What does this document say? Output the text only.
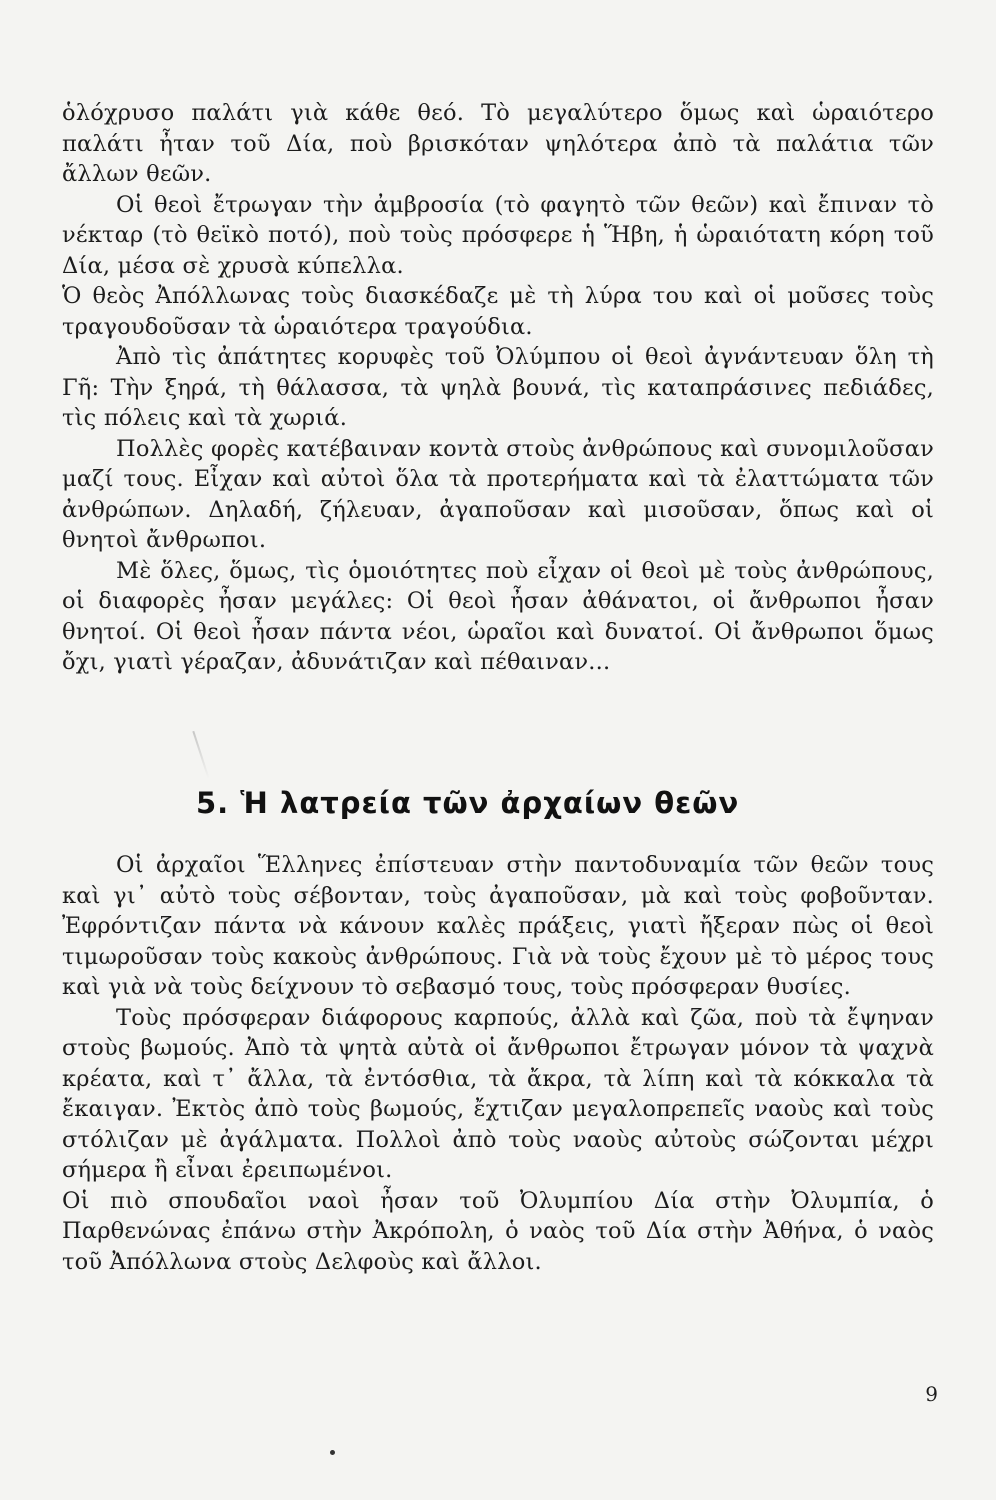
ὁλόχρυσο παλάτι γιὰ κάθε θεό. Τὸ μεγαλύτερο ὅμως καὶ ὡραιότερο παλάτι ἦταν τοῦ Δία, ποὺ βρισκόταν ψηλότερα ἀπὸ τὰ παλάτια τῶν ἄλλων θεῶν.

Οἱ θεοὶ ἔτρωγαν τὴν ἀμβροσία (τὸ φαγητὸ τῶν θεῶν) καὶ ἔπιναν τὸ νέκταρ (τὸ θεϊκὸ ποτό), ποὺ τοὺς πρόσφερε ἡ Ἥβη, ἡ ὡραιότατη κόρη τοῦ Δία, μέσα σὲ χρυσὰ κύπελλα.

Ὁ θεὸς Ἀπόλλωνας τοὺς διασκέδαζε μὲ τὴ λύρα του καὶ οἱ μοῦσες τοὺς τραγουδοῦσαν τὰ ὡραιότερα τραγούδια.

Ἀπὸ τὶς ἀπάτητες κορυφὲς τοῦ Ὀλύμπου οἱ θεοὶ ἀγνάντευαν ὅλη τὴ Γῆ: Τὴν ξηρά, τὴ θάλασσα, τὰ ψηλὰ βουνά, τὶς καταπράσινες πεδιάδες, τὶς πόλεις καὶ τὰ χωριά.

Πολλὲς φορὲς κατέβαιναν κοντὰ στοὺς ἀνθρώπους καὶ συνομιλοῦσαν μαζί τους. Εἶχαν καὶ αὐτοὶ ὅλα τὰ προτερήματα καὶ τὰ ἐλαττώματα τῶν ἀνθρώπων. Δηλαδή, ζήλευαν, ἀγαποῦσαν καὶ μισοῦσαν, ὅπως καὶ οἱ θνητοὶ ἄνθρωποι.

Μὲ ὅλες, ὅμως, τὶς ὁμοιότητες ποὺ εἶχαν οἱ θεοὶ μὲ τοὺς ἀνθρώπους, οἱ διαφορὲς ἦσαν μεγάλες: Οἱ θεοὶ ἦσαν ἀθάνατοι, οἱ ἄνθρωποι ἦσαν θνητοί. Οἱ θεοὶ ἦσαν πάντα νέοι, ὡραῖοι καὶ δυνατοί. Οἱ ἄνθρωποι ὅμως ὄχι, γιατὶ γέραζαν, ἀδυνάτιζαν καὶ πέθαιναν...

5. Ἡ λατρεία τῶν ἀρχαίων θεῶν

Οἱ ἀρχαῖοι Ἕλληνες ἐπίστευαν στὴν παντοδυναμία τῶν θεῶν τους καὶ γι᾽ αὐτὸ τοὺς σέβονταν, τοὺς ἀγαποῦσαν, μὰ καὶ τοὺς φοβοῦνταν. Ἐφρόντιζαν πάντα νὰ κάνουν καλὲς πράξεις, γιατὶ ἤξεραν πὼς οἱ θεοὶ τιμωροῦσαν τοὺς κακοὺς ἀνθρώπους. Γιὰ νὰ τοὺς ἔχουν μὲ τὸ μέρος τους καὶ γιὰ νὰ τοὺς δείχνουν τὸ σεβασμό τους, τοὺς πρόσφεραν θυσίες.

Τοὺς πρόσφεραν διάφορους καρπούς, ἀλλὰ καὶ ζῶα, ποὺ τὰ ἔψηναν στοὺς βωμούς. Ἀπὸ τὰ ψητὰ αὐτὰ οἱ ἄνθρωποι ἔτρωγαν μόνον τὰ ψαχνὰ κρέατα, καὶ τ᾽ ἄλλα, τὰ ἐντόσθια, τὰ ἄκρα, τὰ λίπη καὶ τὰ κόκκαλα τὰ ἔκαιγαν. Ἐκτὸς ἀπὸ τοὺς βωμούς, ἔχτιζαν μεγαλοπρεπεῖς ναοὺς καὶ τοὺς στόλιζαν μὲ ἀγάλματα. Πολλοὶ ἀπὸ τοὺς ναοὺς αὐτοὺς σώζονται μέχρι σήμερα ἢ εἶναι ἐρειπωμένοι.

Οἱ πιὸ σπουδαῖοι ναοὶ ἦσαν τοῦ Ὀλυμπίου Δία στὴν Ὀλυμπία, ὁ Παρθενώνας ἐπάνω στὴν Ἀκρόπολη, ὁ ναὸς τοῦ Δία στὴν Ἀθήνα, ὁ ναὸς τοῦ Ἀπόλλωνα στοὺς Δελφοὺς καὶ ἄλλοι.

9
